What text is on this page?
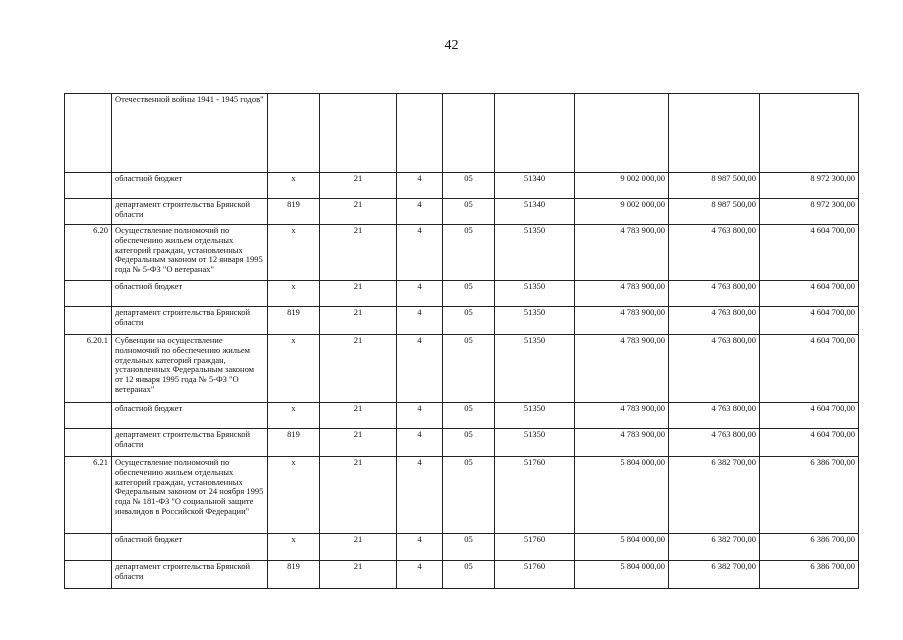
42
	Отечественной войны 1941 - 1945 годов"								
	областной бюджет	х	21	4	05	51340	9 002 000,00	8 987 500,00	8 972 300,00
	департамент строительства Брянской области	819	21	4	05	51340	9 002 000,00	8 987 500,00	8 972 300,00
6.20	Осуществление полномочий по обеспечению жильем отдельных категорий граждан, установленных Федеральным законом от 12 января 1995 года № 5-ФЗ "О ветеранах"	х	21	4	05	51350	4 783 900,00	4 763 800,00	4 604 700,00
	областной бюджет	х	21	4	05	51350	4 783 900,00	4 763 800,00	4 604 700,00
	департамент строительства Брянской области	819	21	4	05	51350	4 783 900,00	4 763 800,00	4 604 700,00
6.20.1	Субвенции на осуществление полномочий по обеспечению жильем отдельных категорий граждан, установленных Федеральным законом от 12 января 1995 года № 5-ФЗ "О ветеранах"	х	21	4	05	51350	4 783 900,00	4 763 800,00	4 604 700,00
	областной бюджет	х	21	4	05	51350	4 783 900,00	4 763 800,00	4 604 700,00
	департамент строительства Брянской области	819	21	4	05	51350	4 783 900,00	4 763 800,00	4 604 700,00
6.21	Осуществление полномочий по обеспечению жильем отдельных категорий граждан, установленных Федеральным законом от 24 ноября 1995 года № 181-ФЗ "О социальной защите инвалидов в Российской Федерации"	х	21	4	05	51760	5 804 000,00	6 382 700,00	6 386 700,00
	областной бюджет	х	21	4	05	51760	5 804 000,00	6 382 700,00	6 386 700,00
	департамент строительства Брянской области	819	21	4	05	51760	5 804 000,00	6 382 700,00	6 386 700,00
